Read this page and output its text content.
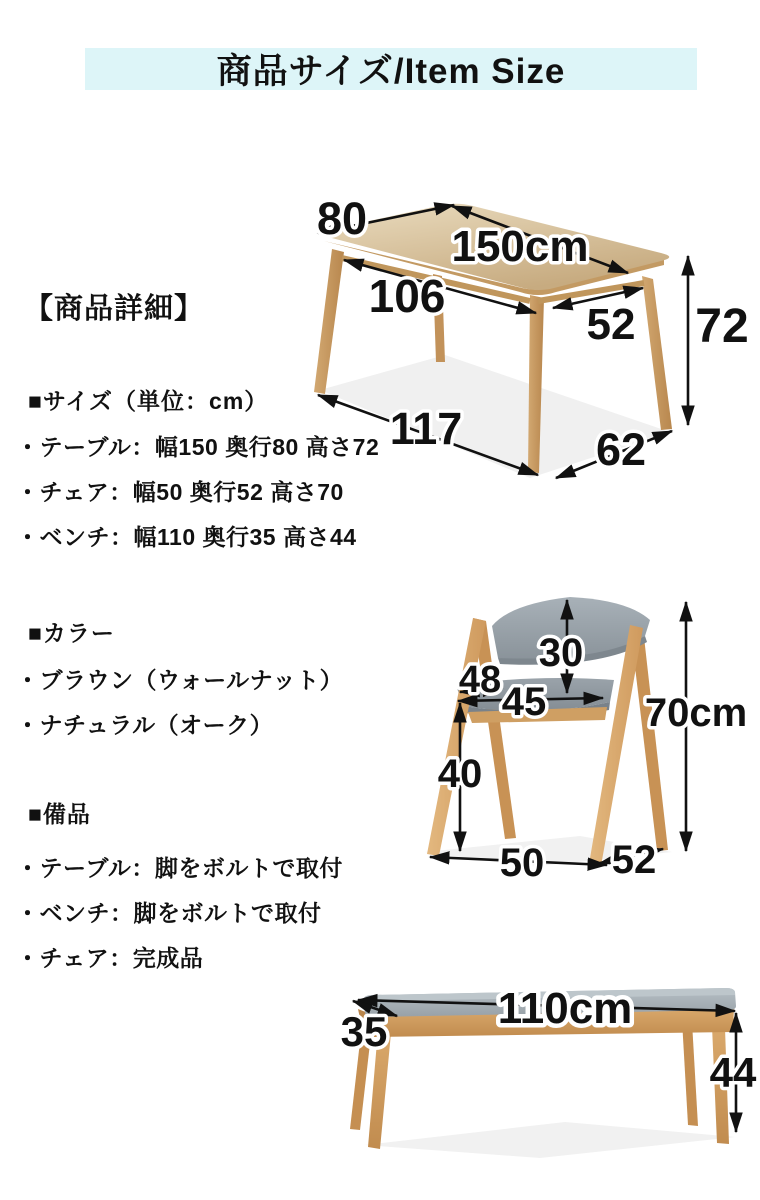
商品サイズ/Item Size
【商品詳細】
■サイズ（単位：cm）
・テーブル：幅150 奥行80 高さ72
・チェア：幅50 奥行52 高さ70
・ベンチ：幅110 奥行35 高さ44
■カラー
・ブラウン（ウォールナット）
・ナチュラル（オーク）
■備品
・テーブル：脚をボルトで取付
・ベンチ：脚をボルトで取付
・チェア：完成品
80
150cm
106
52 72
117	62
30
48 45 70cm
40
50 52
35	110cm
44
